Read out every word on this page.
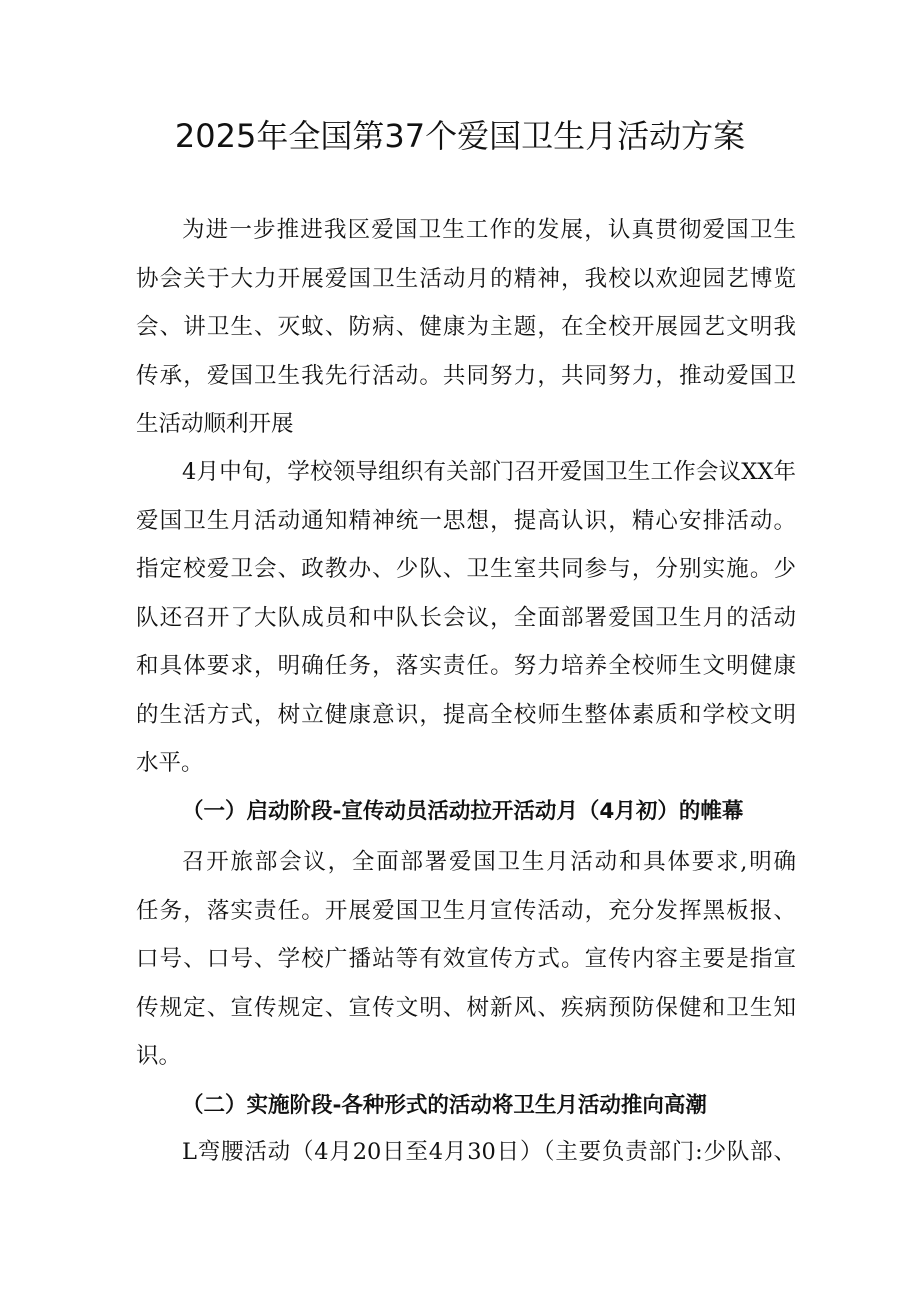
2025年全国第37个爱国卫生月活动方案
为进一步推进我区爱国卫生工作的发展，认真贯彻爱国卫生
协会关于大力开展爱国卫生活动月的精神，我校以欢迎园艺博览
会、讲卫生、灭蚊、防病、健康为主题，在全校开展园艺文明我
传承，爱国卫生我先行活动。共同努力，共同努力，推动爱国卫
生活动顺利开展
4月中旬，学校领导组织有关部门召开爱国卫生工作会议XX年
爱国卫生月活动通知精神统一思想，提高认识，精心安排活动。
指定校爱卫会、政教办、少队、卫生室共同参与，分别实施。少
队还召开了大队成员和中队长会议，全面部署爱国卫生月的活动
和具体要求，明确任务，落实责任。努力培养全校师生文明健康
的生活方式，树立健康意识，提高全校师生整体素质和学校文明
水平。
（一）启动阶段-宣传动员活动拉开活动月（4月初）的帷幕
召开旅部会议，全面部署爱国卫生月活动和具体要求,明确
任务，落实责任。开展爱国卫生月宣传活动，充分发挥黑板报、
口号、口号、学校广播站等有效宣传方式。宣传内容主要是指宣
传规定、宣传规定、宣传文明、树新风、疾病预防保健和卫生知
识。
（二）实施阶段-各种形式的活动将卫生月活动推向高潮
L弯腰活动（4月20日至4月30日）（主要负责部门:少队部、
